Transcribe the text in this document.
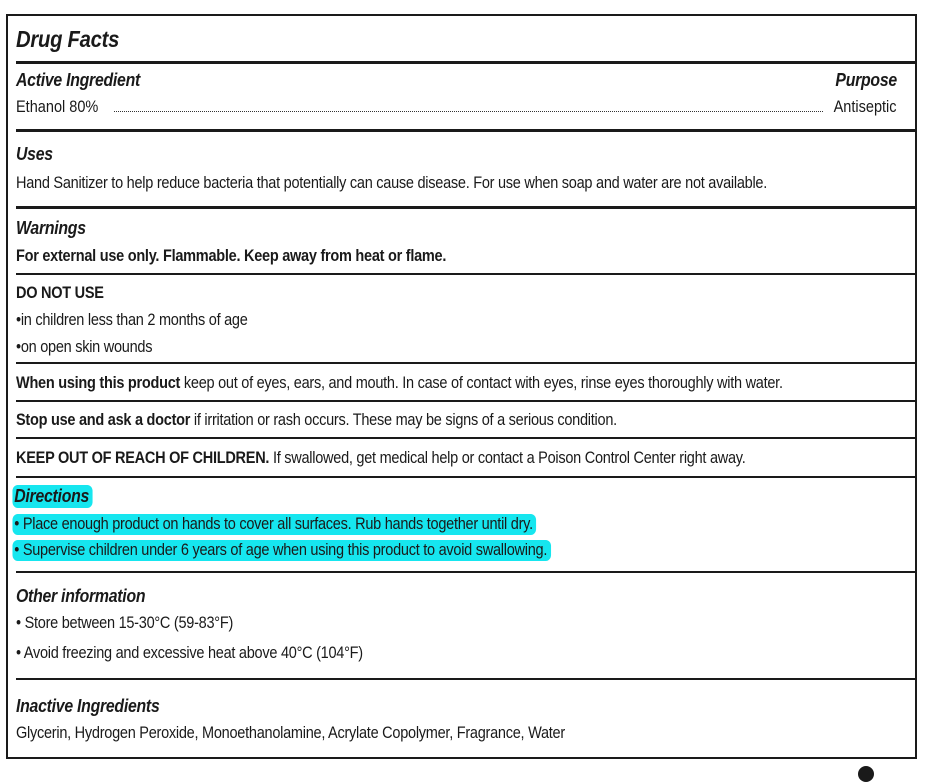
Drug Facts
Active Ingredient	Purpose
Ethanol 80%	Antiseptic
Uses
Hand Sanitizer to help reduce bacteria that potentially can cause disease. For use when soap and water are not available.
Warnings
For external use only. Flammable. Keep away from heat or flame.
DO NOT USE
•in children less than 2 months of age
•on open skin wounds
When using this product keep out of eyes, ears, and mouth. In case of contact with eyes, rinse eyes thoroughly with water.
Stop use and ask a doctor if irritation or rash occurs. These may be signs of a serious condition.
KEEP OUT OF REACH OF CHILDREN. If swallowed, get medical help or contact a Poison Control Center right away.
Directions
• Place enough product on hands to cover all surfaces. Rub hands together until dry.
• Supervise children under 6 years of age when using this product to avoid swallowing.
Other information
• Store between 15-30°C (59-83°F)
• Avoid freezing and excessive heat above 40°C (104°F)
Inactive Ingredients
Glycerin, Hydrogen Peroxide, Monoethanolamine, Acrylate Copolymer, Fragrance, Water
